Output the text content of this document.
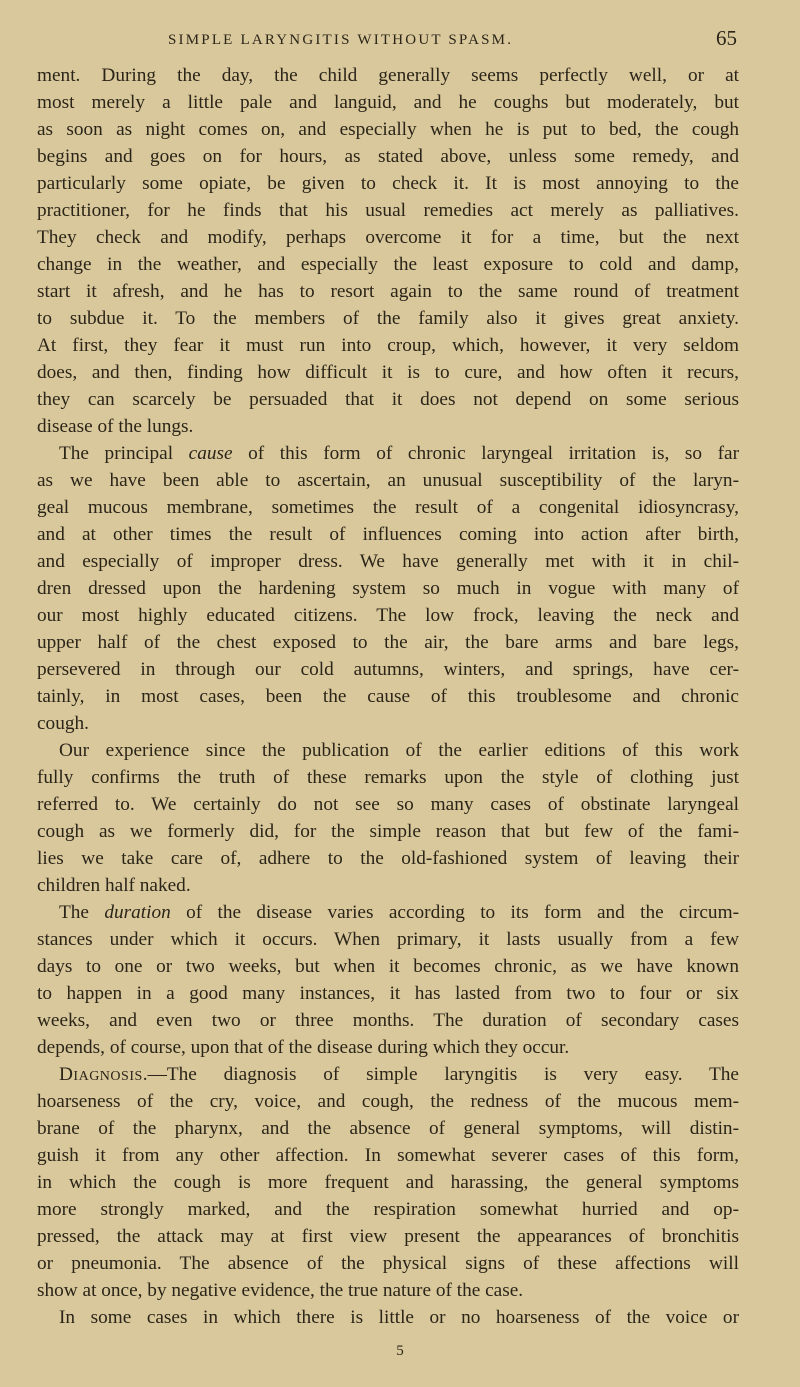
SIMPLE LARYNGITIS WITHOUT SPASM.	65
ment. During the day, the child generally seems perfectly well, or at
most merely a little pale and languid, and he coughs but moderately, but
as soon as night comes on, and especially when he is put to bed, the cough
begins and goes on for hours, as stated above, unless some remedy, and
particularly some opiate, be given to check it. It is most annoying to the
practitioner, for he finds that his usual remedies act merely as palliatives.
They check and modify, perhaps overcome it for a time, but the next
change in the weather, and especially the least exposure to cold and damp,
start it afresh, and he has to resort again to the same round of treatment
to subdue it. To the members of the family also it gives great anxiety.
At first, they fear it must run into croup, which, however, it very seldom
does, and then, finding how difficult it is to cure, and how often it recurs,
they can scarcely be persuaded that it does not depend on some serious
disease of the lungs.
The principal cause of this form of chronic laryngeal irritation is, so far
as we have been able to ascertain, an unusual susceptibility of the laryn-
geal mucous membrane, sometimes the result of a congenital idiosyncrasy,
and at other times the result of influences coming into action after birth,
and especially of improper dress. We have generally met with it in chil-
dren dressed upon the hardening system so much in vogue with many of
our most highly educated citizens. The low frock, leaving the neck and
upper half of the chest exposed to the air, the bare arms and bare legs,
persevered in through our cold autumns, winters, and springs, have cer-
tainly, in most cases, been the cause of this troublesome and chronic
cough.
Our experience since the publication of the earlier editions of this work
fully confirms the truth of these remarks upon the style of clothing just
referred to. We certainly do not see so many cases of obstinate laryngeal
cough as we formerly did, for the simple reason that but few of the fami-
lies we take care of, adhere to the old-fashioned system of leaving their
children half naked.
The duration of the disease varies according to its form and the circum-
stances under which it occurs. When primary, it lasts usually from a few
days to one or two weeks, but when it becomes chronic, as we have known
to happen in a good many instances, it has lasted from two to four or six
weeks, and even two or three months. The duration of secondary cases
depends, of course, upon that of the disease during which they occur.
Diagnosis.—The diagnosis of simple laryngitis is very easy. The
hoarseness of the cry, voice, and cough, the redness of the mucous mem-
brane of the pharynx, and the absence of general symptoms, will distin-
guish it from any other affection. In somewhat severer cases of this form,
in which the cough is more frequent and harassing, the general symptoms
more strongly marked, and the respiration somewhat hurried and op-
pressed, the attack may at first view present the appearances of bronchitis
or pneumonia. The absence of the physical signs of these affections will
show at once, by negative evidence, the true nature of the case.
In some cases in which there is little or no hoarseness of the voice or
5
